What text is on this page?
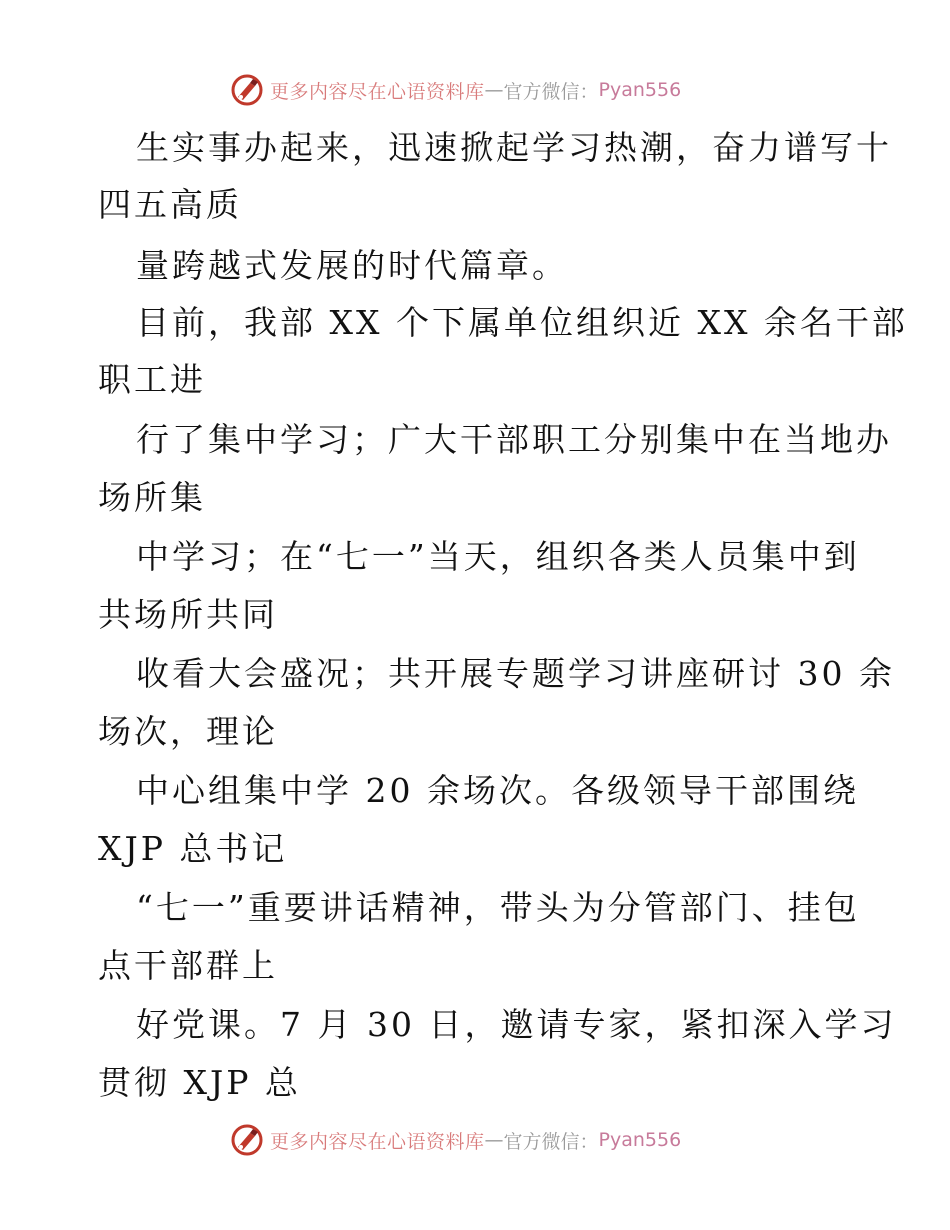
更多内容尽在心语资料库 — 官方微信： Pyan556
生实事办起来，迅速掀起学习热潮，奋力谱写十
四五高质
量跨越式发展的时代篇章。
目前，我部 XX 个下属单位组织近 XX 余名干部
职工进
行了集中学习；广大干部职工分别集中在当地办
场所集
中学习；在“七一”当天，组织各类人员集中到
共场所共同
收看大会盛况；共开展专题学习讲座研讨 30 余
场次，理论
中心组集中学 20 余场次。各级领导干部围绕
XJP 总书记
“七一”重要讲话精神，带头为分管部门、挂包
点干部群上
好党课。7 月 30 日，邀请专家，紧扣深入学习
贯彻 XJP 总
更多内容尽在心语资料库 — 官方微信： Pyan556
